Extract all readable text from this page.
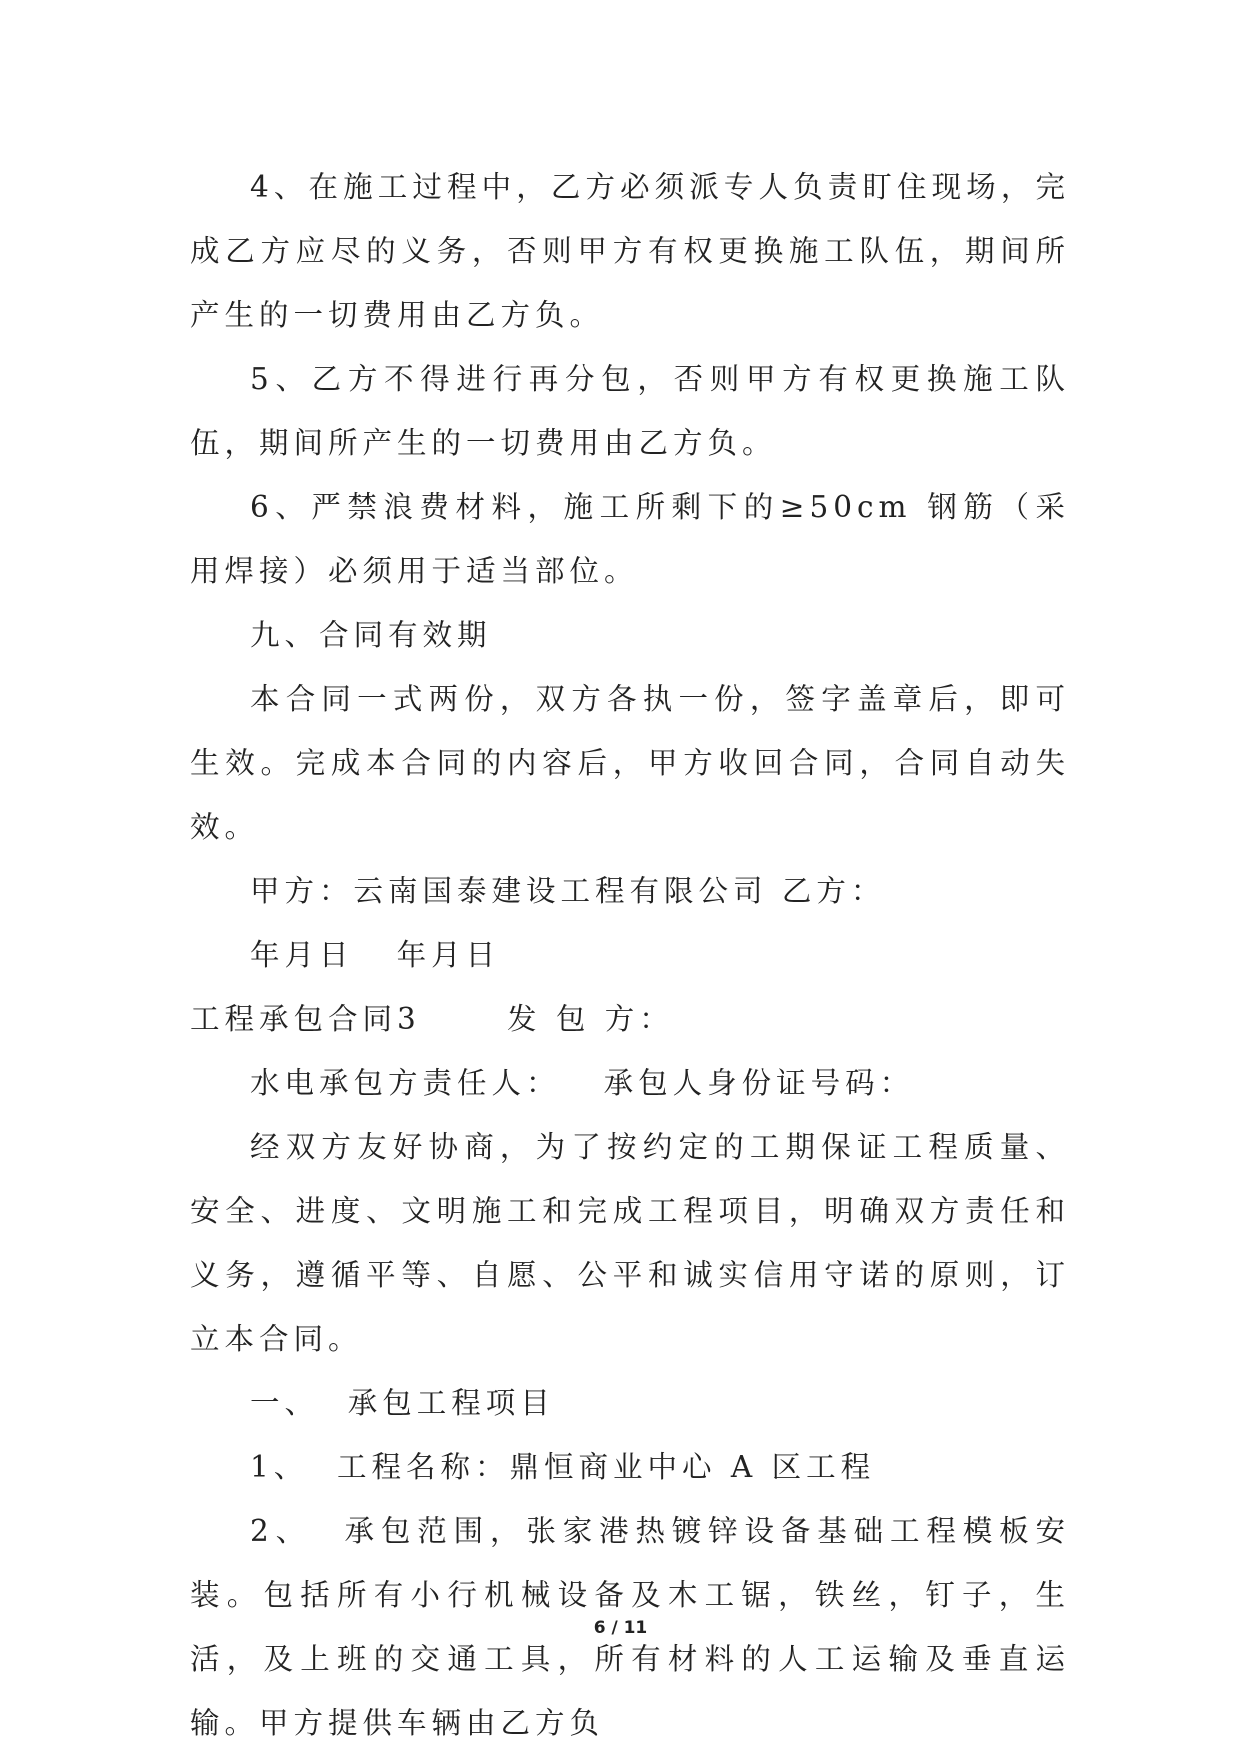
4、在施工过程中，乙方必须派专人负责盯住现场，完成乙方应尽的义务，否则甲方有权更换施工队伍，期间所产生的一切费用由乙方负。

5、乙方不得进行再分包，否则甲方有权更换施工队伍，期间所产生的一切费用由乙方负。

6、严禁浪费材料，施工所剩下的≥50cm 钢筋（采用焊接）必须用于适当部位。

九、合同有效期

本合同一式两份，双方各执一份，签字盖章后，即可生效。完成本合同的内容后，甲方收回合同，合同自动失效。

甲方：云南国泰建设工程有限公司 乙方：

年月日   年月日

工程承包合同3      发 包 方：

水电承包方责任人：   承包人身份证号码：

经双方友好协商，为了按约定的工期保证工程质量、安全、进度、文明施工和完成工程项目，明确双方责任和义务，遵循平等、自愿、公平和诚实信用守诺的原则，订立本合同。

一、  承包工程项目

1、  工程名称：鼎恒商业中心 A 区工程

2、  承包范围，张家港热镀锌设备基础工程模板安装。包括所有小行机械设备及木工锯，铁丝，钉子，生活，及上班的交通工具，所有材料的人工运输及垂直运输。甲方提供车辆由乙方负

6 / 11
